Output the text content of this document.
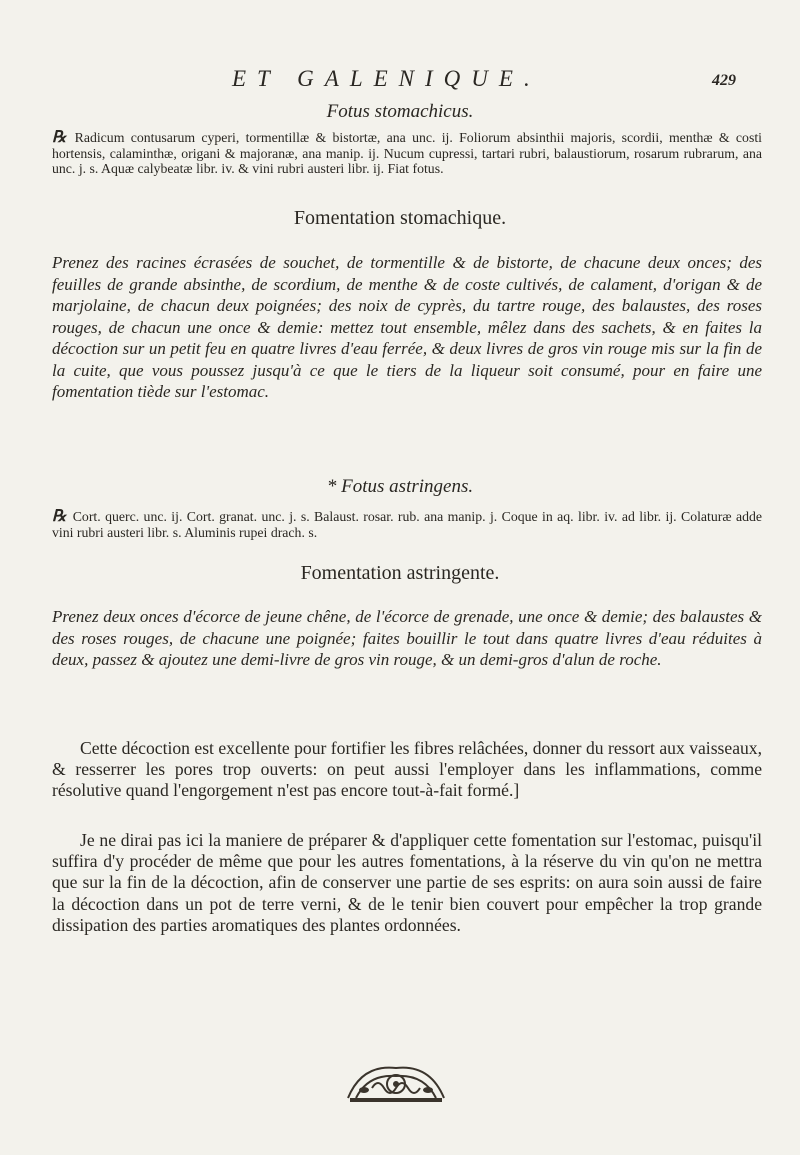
ET GALENIQUE.	429
Fotus stomachicus.
℞ Radicum contusarum cyperi, tormentillæ & bistortæ, ana unc. ij. Foliorum absinthii majoris, scordii, menthæ & costi hortensis, calaminthæ, origani & majoranæ, ana manip. ij. Nucum cupressi, tartari rubri, balaustiorum, rosarum rubrarum, ana unc. j. s. Aquæ calybeatæ libr. iv. & vini rubri austeri libr. ij. Fiat fotus.
Fomentation stomachique.
Prenez des racines écrasées de souchet, de tormentille & de bistorte, de chacune deux onces; des feuilles de grande absinthe, de scordium, de menthe & de coste cultivés, de calament, d'origan & de marjolaine, de chacun deux poignées; des noix de cyprès, du tartre rouge, des balaustes, des roses rouges, de chacun une once & demie: mettez tout ensemble, mêlez dans des sachets, & en faites la décoction sur un petit feu en quatre livres d'eau ferrée, & deux livres de gros vin rouge mis sur la fin de la cuite, que vous poussez jusqu'à ce que le tiers de la liqueur soit consumé, pour en faire une fomentation tiède sur l'estomac.
* Fotus astringens.
℞ Cort. querc. unc. ij. Cort. granat. unc. j. s. Balaust. rosar. rub. ana manip. j. Coque in aq. libr. iv. ad libr. ij. Colaturæ adde vini rubri austeri libr. s. Aluminis rupei drach. s.
Fomentation astringente.
Prenez deux onces d'écorce de jeune chêne, de l'écorce de grenade, une once & demie; des balaustes & des roses rouges, de chacune une poignée; faites bouillir le tout dans quatre livres d'eau réduites à deux, passez & ajoutez une demi-livre de gros vin rouge, & un demi-gros d'alun de roche.
Cette décoction est excellente pour fortifier les fibres relâchées, donner du ressort aux vaisseaux, & resserrer les pores trop ouverts: on peut aussi l'employer dans les inflammations, comme résolutive quand l'engorgement n'est pas encore tout-à-fait formé.]
Je ne dirai pas ici la maniere de préparer & d'appliquer cette fomentation sur l'estomac, puisqu'il suffira d'y procéder de même que pour les autres fomentations, à la réserve du vin qu'on ne mettra que sur la fin de la décoction, afin de conserver une partie de ses esprits: on aura soin aussi de faire la décoction dans un pot de terre verni, & de le tenir bien couvert pour empêcher la trop grande dissipation des parties aromatiques des plantes ordonnées.
